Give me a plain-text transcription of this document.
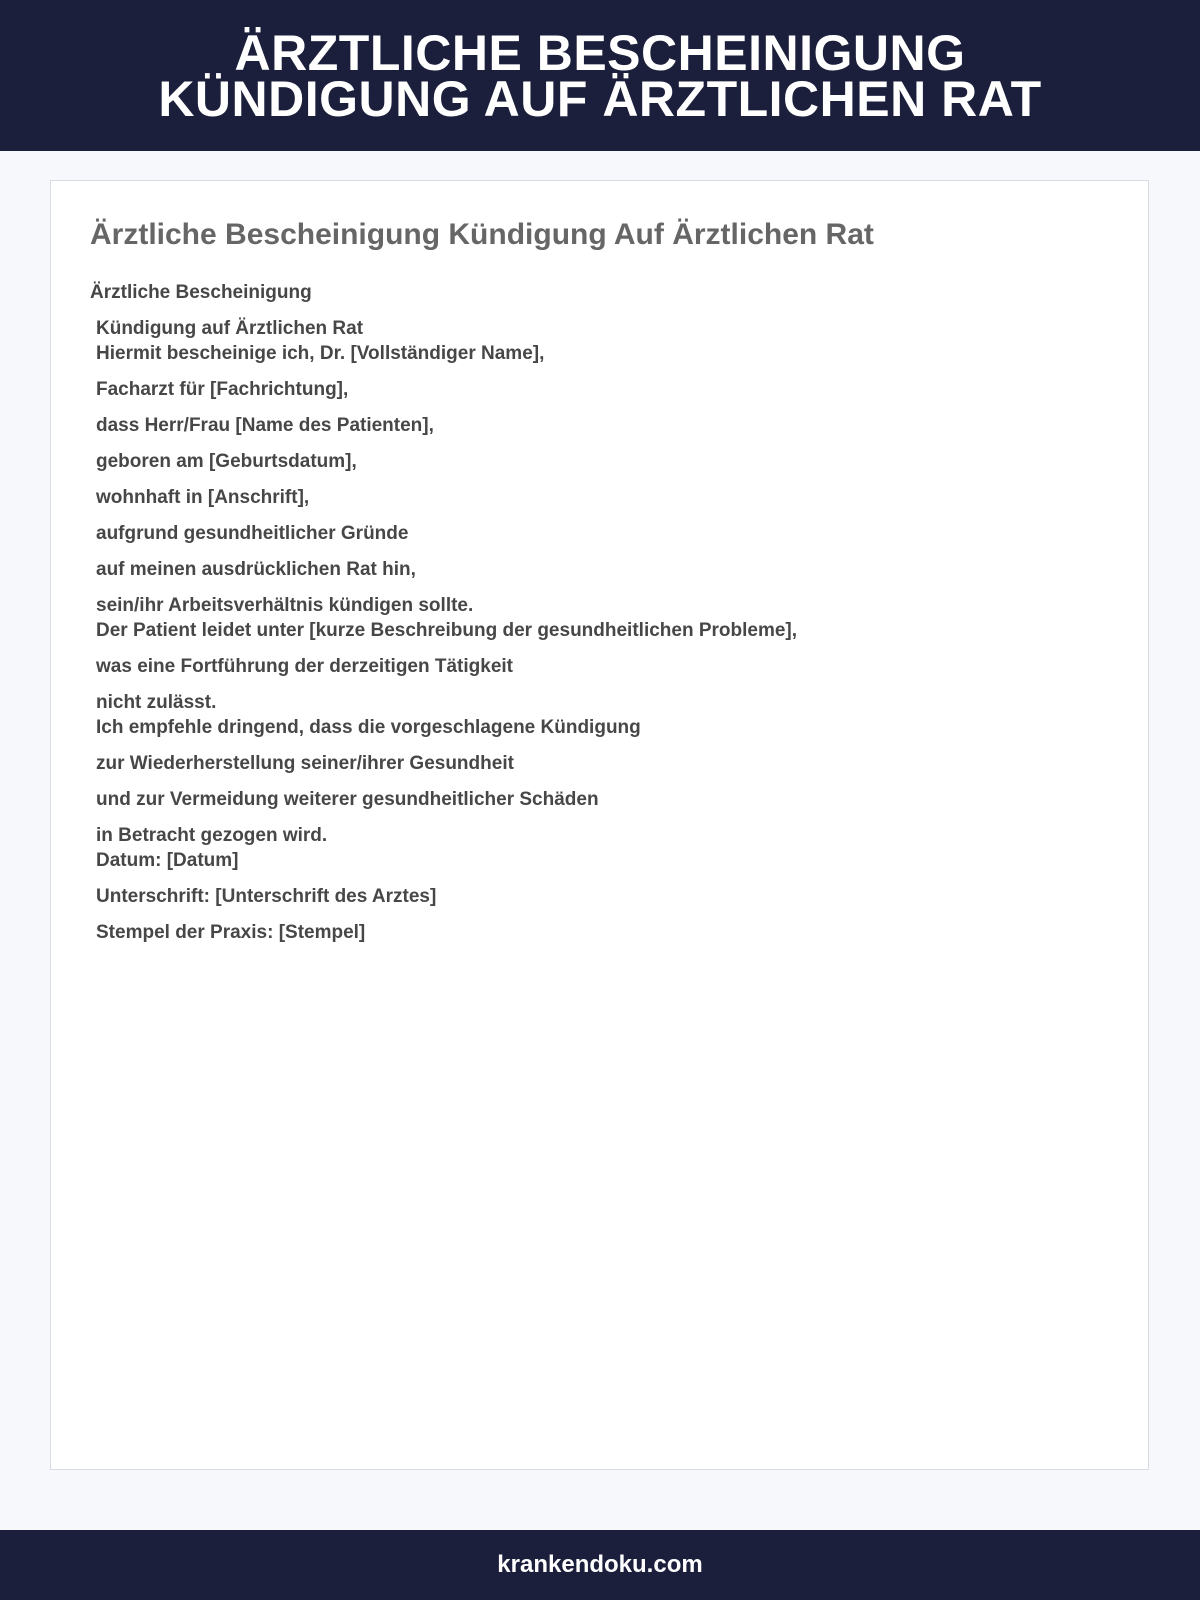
ÄRZTLICHE BESCHEINIGUNG
KÜNDIGUNG AUF ÄRZTLICHEN RAT
Ärztliche Bescheinigung Kündigung Auf Ärztlichen Rat
Ärztliche Bescheinigung

Kündigung auf Ärztlichen Rat
Hiermit bescheinige ich, Dr. [Vollständiger Name],

Facharzt für [Fachrichtung],

dass Herr/Frau [Name des Patienten],

geboren am [Geburtsdatum],

wohnhaft in [Anschrift],

aufgrund gesundheitlicher Gründe

auf meinen ausdrücklichen Rat hin,

sein/ihr Arbeitsverhältnis kündigen sollte.
Der Patient leidet unter [kurze Beschreibung der gesundheitlichen Probleme],

was eine Fortführung der derzeitigen Tätigkeit

nicht zulässt.
Ich empfehle dringend, dass die vorgeschlagene Kündigung

zur Wiederherstellung seiner/ihrer Gesundheit

und zur Vermeidung weiterer gesundheitlicher Schäden

in Betracht gezogen wird.
Datum: [Datum]

Unterschrift: [Unterschrift des Arztes]

Stempel der Praxis: [Stempel]

krankendoku.com
